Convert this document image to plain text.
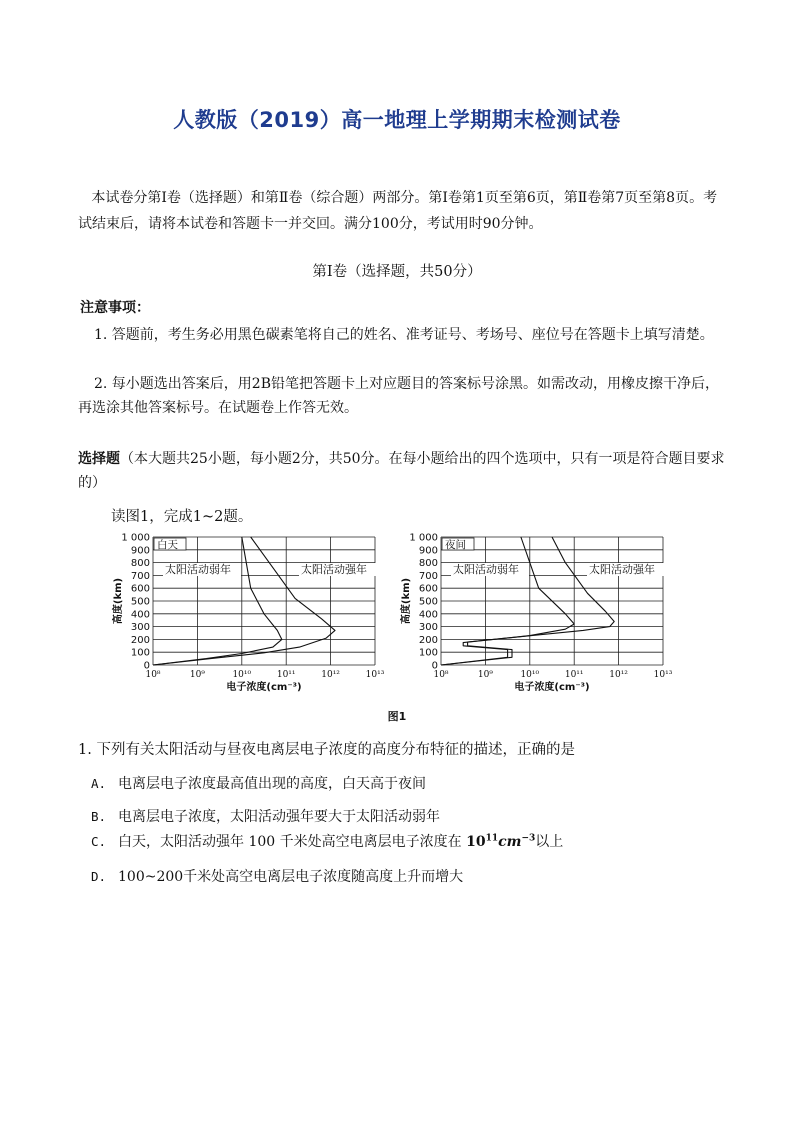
人教版（2019）高一地理上学期期末检测试卷
本试卷分第Ⅰ卷（选择题）和第Ⅱ卷（综合题）两部分。第Ⅰ卷第1页至第6页，第Ⅱ卷第7页至第8页。考试结束后，请将本试卷和答题卡一并交回。满分100分，考试用时90分钟。
第Ⅰ卷（选择题，共50分）
注意事项：
1. 答题前，考生务必用黑色碳素笔将自己的姓名、准考证号、考场号、座位号在答题卡上填写清楚。
2. 每小题选出答案后，用2B铅笔把答题卡上对应题目的答案标号涂黑。如需改动，用橡皮擦干净后，再选涂其他答案标号。在试题卷上作答无效。
选择题（本大题共25小题，每小题2分，共50分。在每小题给出的四个选项中，只有一项是符合题目要求的）
读图1，完成1~2题。
0
100
200
300
400
500
600
700
800
900
1 000
10⁸	10⁹	10¹⁰	10¹¹	10¹²	10¹³
高度(km)
电子浓度(cm⁻³)
白天
太阳活动弱年	太阳活动强年
0
100
200
300
400
500
600
700
800
900
1 000
10⁸	10⁹	10¹⁰	10¹¹	10¹²	10¹³
高度(km)
电子浓度(cm⁻³)
夜间
太阳活动弱年	太阳活动强年
图1
1. 下列有关太阳活动与昼夜电离层电子浓度的高度分布特征的描述，正确的是
A. 电离层电子浓度最高值出现的高度，白天高于夜间
B. 电离层电子浓度，太阳活动强年要大于太阳活动弱年
C. 白天，太阳活动强年 100 千米处高空电离层电子浓度在 $10^{11}cm^{-3}$以上
D. 100~200千米处高空电离层电子浓度随高度上升而增大
